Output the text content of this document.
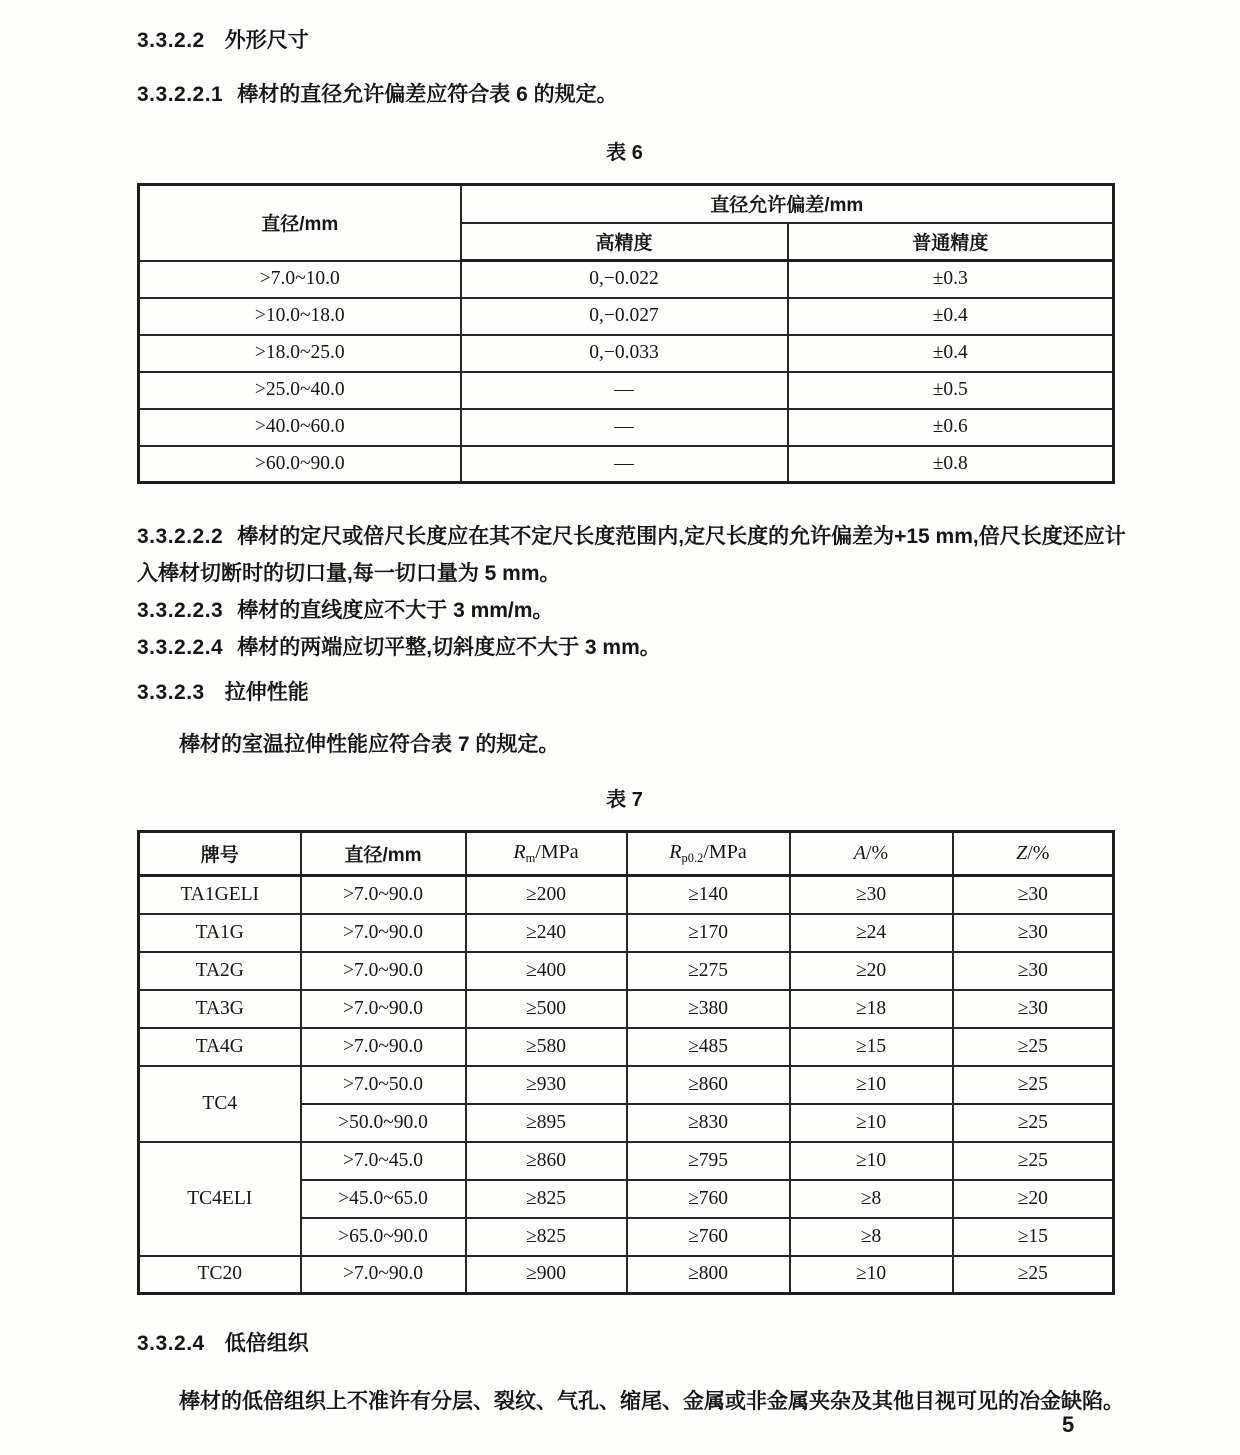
3.3.2.2 外形尺寸

3.3.2.2.1 棒材的直径允许偏差应符合表 6 的规定。

表 6
直径/mm	直径允许偏差/mm	
	高精度	普通精度
>7.0~10.0	0,−0.022	±0.3
>10.0~18.0	0,−0.027	±0.4
>18.0~25.0	0,−0.033	±0.4
>25.0~40.0	—	±0.5
>40.0~60.0	—	±0.6
>60.0~90.0	—	±0.8

3.3.2.2.2 棒材的定尺或倍尺长度应在其不定尺长度范围内,定尺长度的允许偏差为+15 mm,倍尺长度还应计入棒材切断时的切口量,每一切口量为 5 mm。

3.3.2.2.3 棒材的直线度应不大于 3 mm/m。

3.3.2.2.4 棒材的两端应切平整,切斜度应不大于 3 mm。

3.3.2.3 拉伸性能

棒材的室温拉伸性能应符合表 7 的规定。

表 7
牌号	直径/mm	$R_m$/MPa	$R_{p0.2}$/MPa	A/%	Z/%
TA1GELI	>7.0~90.0	≥200	≥140	≥30	≥30
TA1G	>7.0~90.0	≥240	≥170	≥24	≥30
TA2G	>7.0~90.0	≥400	≥275	≥20	≥30
TA3G	>7.0~90.0	≥500	≥380	≥18	≥30
TA4G	>7.0~90.0	≥580	≥485	≥15	≥25
TC4	>7.0~50.0	≥930	≥860	≥10	≥25
	>50.0~90.0	≥895	≥830	≥10	≥25
TC4ELI	>7.0~45.0	≥860	≥795	≥10	≥25
	>45.0~65.0	≥825	≥760	≥8	≥20
	>65.0~90.0	≥825	≥760	≥8	≥15
TC20	>7.0~90.0	≥900	≥800	≥10	≥25
3.3.2.4 低倍组织

棒材的低倍组织上不准许有分层、裂纹、气孔、缩尾、金属或非金属夹杂及其他目视可见的冶金缺陷。

5
